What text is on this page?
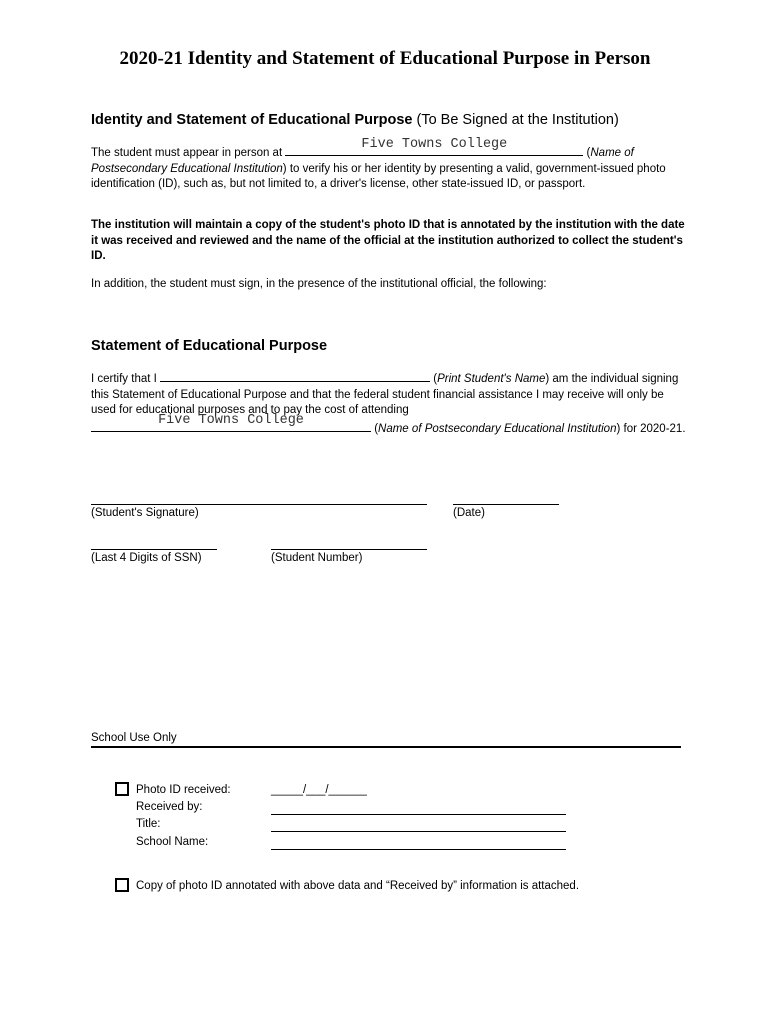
2020-21 Identity and Statement of Educational Purpose in Person
Identity and Statement of Educational Purpose (To Be Signed at the Institution)
The student must appear in person at
Five Towns College
(Name of Postsecondary Educational Institution) to verify his or her identity by presenting a valid, government-issued photo identification (ID), such as, but not limited to, a driver's license, other state-issued ID, or passport.
The institution will maintain a copy of the student's photo ID that is annotated by the institution with the date it was received and reviewed and the name of the official at the institution authorized to collect the student's ID.
In addition, the student must sign, in the presence of the institutional official, the following:
Statement of Educational Purpose
I certify that I	(Print Student's Name) am the individual signing this Statement of Educational Purpose and that the federal student financial assistance I may receive will only be used for educational purposes and to pay the cost of attending
Five Towns College
(Name of Postsecondary Educational Institution) for 2020-21.
(Student's Signature)	(Date)
(Last 4 Digits of SSN)	(Student Number)
School Use Only
Photo ID received:	_____/___/______
Received by:
Title:
School Name:
Copy of photo ID annotated with above data and “Received by” information is attached.
